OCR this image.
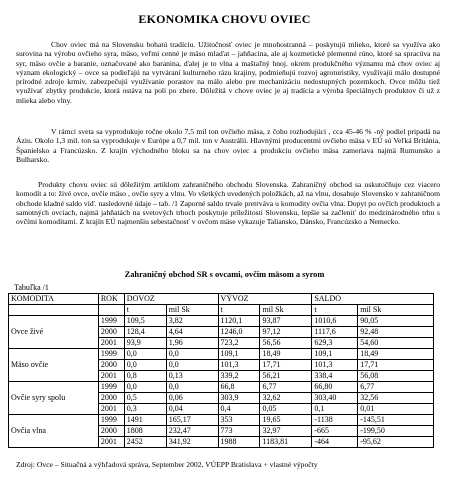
EKONOMIKA CHOVU OVIEC

Chov oviec má na Slovensku bohatú tradíciu. Užitočnosť oviec je mnohostranná – poskytujú mlieko, ktoré sa využíva ako surovina na výrobu ovčieho syra, mäso, veľmi cenné je mäso mlaďat – jahňacina, ale aj kozmetické plemenné rúno, ktoré sa spracúva na syr, mäso ovčie a baranie, označované ako baranina, ďalej je to vlna a maštaľný hnoj. okrem produkčného významu má chov oviec aj význam ekologický – ovce sa podieľajú na vytváraní kulturneho rázu krajiny, podmieňujú rozvoj agroturistiky, využívajú málo dostupné prírodné zdroje krmiv, zabezpečujú využívanie porastov na málo alebo pre mechanizáciu nedostupných pozemkoch. Ovce môžu tiež využívať zbytky produkcie, ktorá ostáva na poli po zbere. Dôležitá v chove oviec je aj tradícia a výroba špeciálnych produktov či už z mlieka alebo vlny.

V rámci sveta sa vyprodukuje ročne okolo 7,5 mil ton ovčieho mäsa, z čoho rozhodujúci , cca 45-46 % -ný podiel pripadá na Áziu. Okolo 1,3 mil. ton sa vyprodukuje v Európe a 0,7 mil. ton v Austrálii. Hlavnými producentmi ovčieho mäsa v EÚ sú Veľká Británia, Španielsko a Francúzsko. Z krajín východného bloku sa na chov oviec a produkciu ovčieho mäsa zameriava najmä Rumunsko a Bulharsko.

Produkty chovu oviec sú dôležitým artiklom zahraničného obchodu Slovenska. Zahraničný obchod sa uskutočňuje cez viacero komodít a to: živé ovce, ovčie mäso , ovčie syry a vlnu. Vo všetkých uvedených položkách, až na vlnu, dosahuje Slovensko v zahraničnom obchode kladné saldo viď. nasledovné údaje – tab. /1 Zaporné saldo trvale pretrváva u komodity ovčia vlna. Dopyt po ovčích produktoch a samotných ovciach, najmä jahňatách na svetových trhoch poskytuje príležitosti Slovensku, lepšie sa začleniť do medzinárodného trhu s ovčími komoditami. Z krajín EÚ najmenšiu sebestačnosť v ovčom mäse vykazuje Taliansko, Dánsko, Francúzsko a Nemecko.

Zahraničný obchod SR s ovcami, ovčím mäsom a syrom
Tabuľka /1
KOMODITA	ROK	DOVOZ		VÝVOZ		SALDO	
		t	mil Sk	t	mil Sk	t	mil Sk
Ovce živé	1999	109,5	3,82	1120,1	93,87	1010,6	90,05
	2000	128,4	4,64	1246,0	97,12	1117,6	92,48
	2001	93,9	1,96	723,2	56,56	629,3	54,60
Mäso ovčie	1999	0,0	0,0	109,1	18,49	109,1	18,49
	2000	0,0	0,0	101,3	17,71	101,3	17,71
	2001	0,8	0,13	339,2	56,21	338,4	56,08
Ovčie syry spolu	1999	0,0	0,0	66,8	6,77	66,80	6,77
	2000	0,5	0,06	303,9	32,62	303,40	32,56
	2001	0,3	0,04	0,4	0,05	0,1	0,01
Ovčia vlna	1999	1491	165,17	353	19,65	-1138	-145,51
	2000	1808	232,47	773	32,97	-665	-199,50
	2001	2452	341,92	1988	1183,81	-464	-95,62
Zdroj: Ovce – Situačná a výhľadová správa, September 2002, VÚEPP Bratislava + vlastné výpočty
